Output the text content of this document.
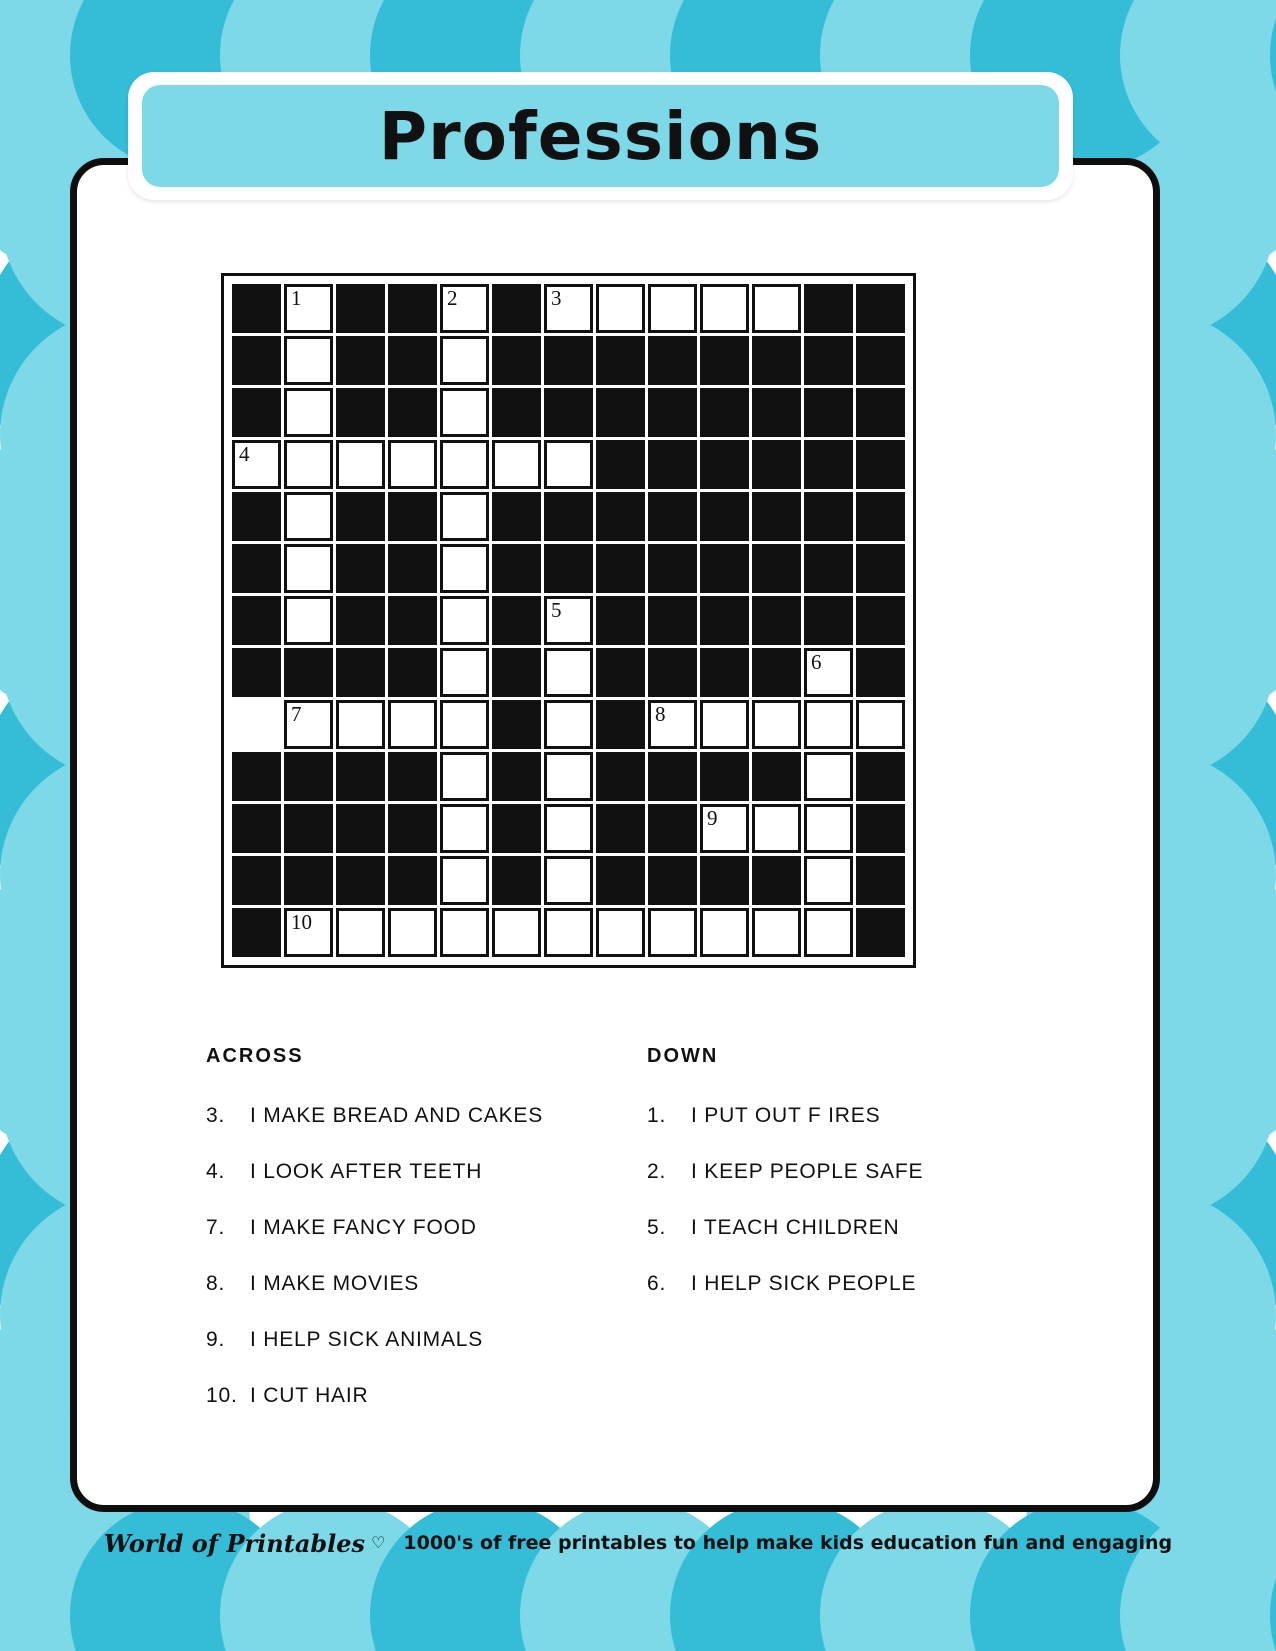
Professions

	1			2		3						

4												

						5						

											6	

	7							8				

									9			

	10											

ACROSS
3.	I MAKE BREAD AND CAKES
4.	I LOOK AFTER TEETH
7.	I MAKE FANCY FOOD
8.	I MAKE MOVIES
9.	I HELP SICK ANIMALS
10. I CUT HAIR
DOWN
1.	I PUT OUT F IRES
2.	I KEEP PEOPLE SAFE
5.	I TEACH CHILDREN
6.	I HELP SICK PEOPLE
World of Printables ♡ 1000's of free printables to help make kids education fun and engaging
